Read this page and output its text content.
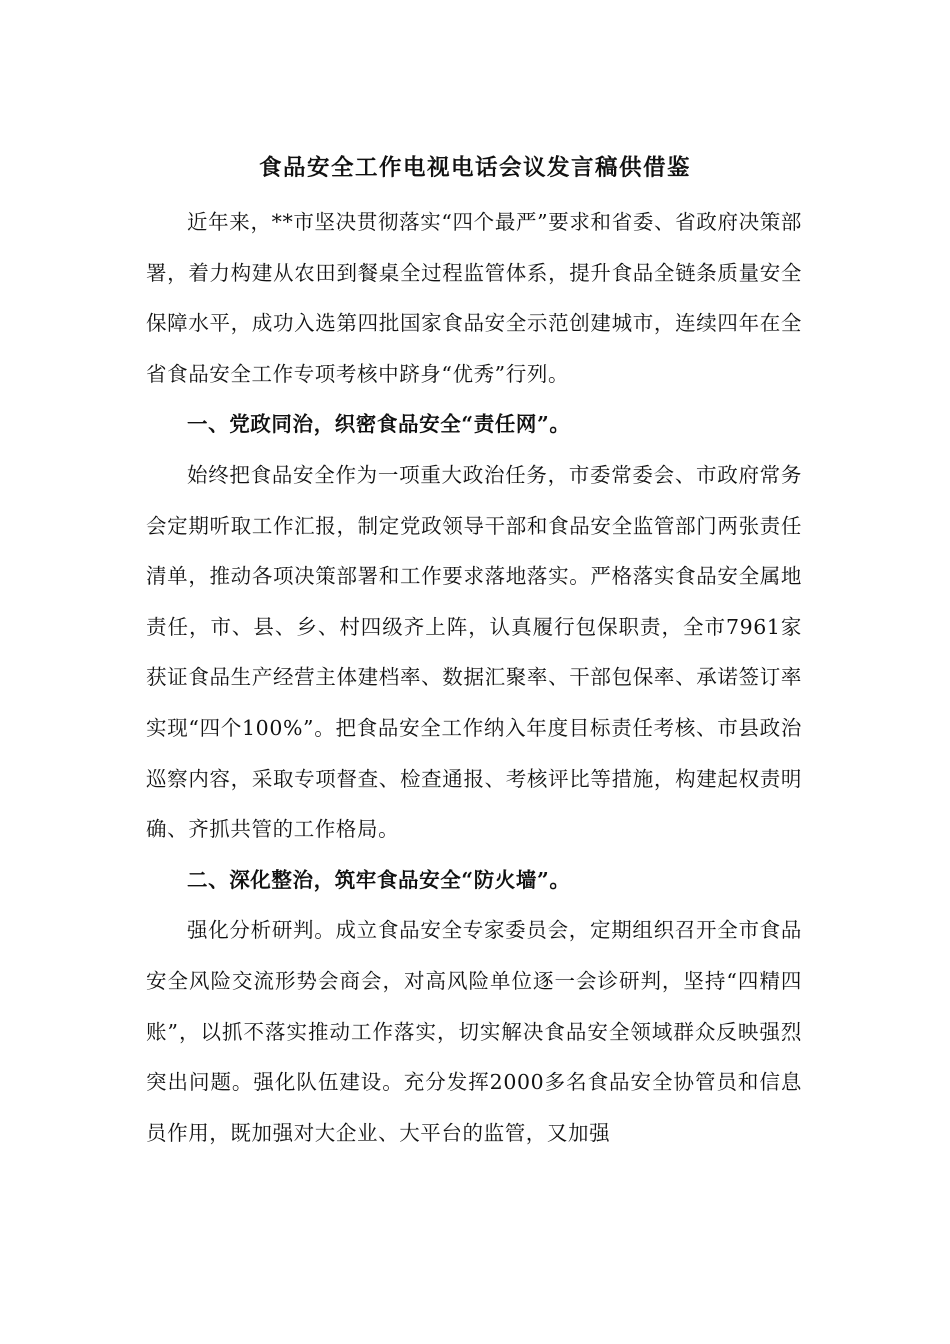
食品安全工作电视电话会议发言稿供借鉴

近年来，**市坚决贯彻落实“四个最严”要求和省委、省政府决策部署，着力构建从农田到餐桌全过程监管体系，提升食品全链条质量安全保障水平，成功入选第四批国家食品安全示范创建城市，连续四年在全省食品安全工作专项考核中跻身“优秀”行列。

一、党政同治，织密食品安全“责任网”。

始终把食品安全作为一项重大政治任务，市委常委会、市政府常务会定期听取工作汇报，制定党政领导干部和食品安全监管部门两张责任清单，推动各项决策部署和工作要求落地落实。严格落实食品安全属地责任，市、县、乡、村四级齐上阵，认真履行包保职责，全市7961家获证食品生产经营主体建档率、数据汇聚率、干部包保率、承诺签订率实现“四个100%”。把食品安全工作纳入年度目标责任考核、市县政治巡察内容，采取专项督查、检查通报、考核评比等措施，构建起权责明确、齐抓共管的工作格局。

二、深化整治，筑牢食品安全“防火墙”。

强化分析研判。成立食品安全专家委员会，定期组织召开全市食品安全风险交流形势会商会，对高风险单位逐一会诊研判，坚持“四精四账”，以抓不落实推动工作落实，切实解决食品安全领域群众反映强烈突出问题。强化队伍建设。充分发挥2000多名食品安全协管员和信息员作用，既加强对大企业、大平台的监管，又加强
